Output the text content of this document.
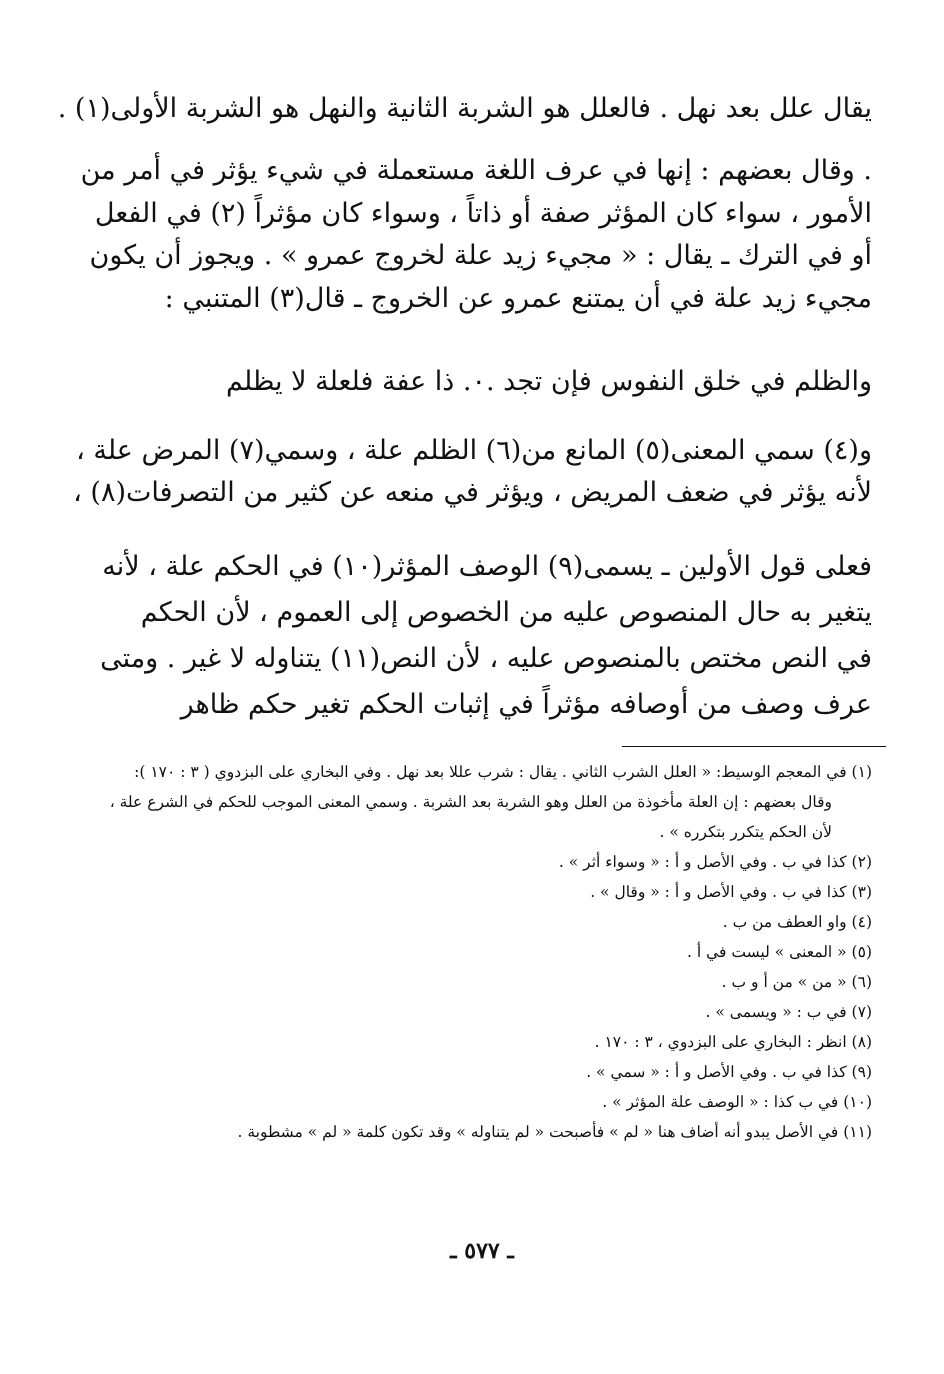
يقال علل بعد نهل . فالعلل هو الشربة الثانية والنهل هو الشربة الأولى(١) .
. وقال بعضهم : إنها في عرف اللغة مستعملة في شيء يؤثر في أمر من
الأمور ، سواء كان المؤثر صفة أو ذاتاً ، وسواء كان مؤثراً (٢) في الفعل
أو في الترك ـ يقال : « مجيء زيد علة لخروج عمرو » . ويجوز أن يكون
مجيء زيد علة في أن يمتنع عمرو عن الخروج ـ قال(٣) المتنبي :
والظلم في خلق النفوس فإن تجد .٠. ذا عفة فلعلة لا يظلم
و(٤) سمي المعنى(٥) المانع من(٦) الظلم علة ، وسمي(٧) المرض علة ،
لأنه يؤثر في ضعف المريض ، ويؤثر في منعه عن كثير من التصرفات(٨) ،
فعلى قول الأولين ـ يسمى(٩) الوصف المؤثر(١٠) في الحكم علة ، لأنه
يتغير به حال المنصوص عليه من الخصوص إلى العموم ، لأن الحكم
في النص مختص بالمنصوص عليه ، لأن النص(١١) يتناوله لا غير . ومتى
عرف وصف من أوصافه مؤثراً في إثبات الحكم تغير حكم ظاهر
(١) في المعجم الوسيط: « العلل الشرب الثاني . يقال : شرب عللا بعد نهل . وفي البخاري على البزدوي ( ٣ : ١٧٠ ):
وقال بعضهم : إن العلة مأخوذة من العلل وهو الشربة بعد الشربة . وسمي المعنى الموجب للحكم في الشرع علة ،
لأن الحكم يتكرر بتكرره » .
(٢) كذا في ب . وفي الأصل و أ : « وسواء أثر » .
(٣) كذا في ب . وفي الأصل و أ : « وقال » .
(٤) واو العطف من ب .
(٥) « المعنى » ليست في أ .
(٦) « من » من أ و ب .
(٧) في ب : « ويسمى » .
(٨) انظر : البخاري على البزدوي ، ٣ : ١٧٠ .
(٩) كذا في ب . وفي الأصل و أ : « سمي » .
(١٠) في ب كذا : « الوصف علة المؤثر » .
(١١) في الأصل يبدو أنه أضاف هنا « لم » فأصبحت « لم يتناوله » وقد تكون كلمة « لم » مشطوبة .
ـ ٥٧٧ ـ
